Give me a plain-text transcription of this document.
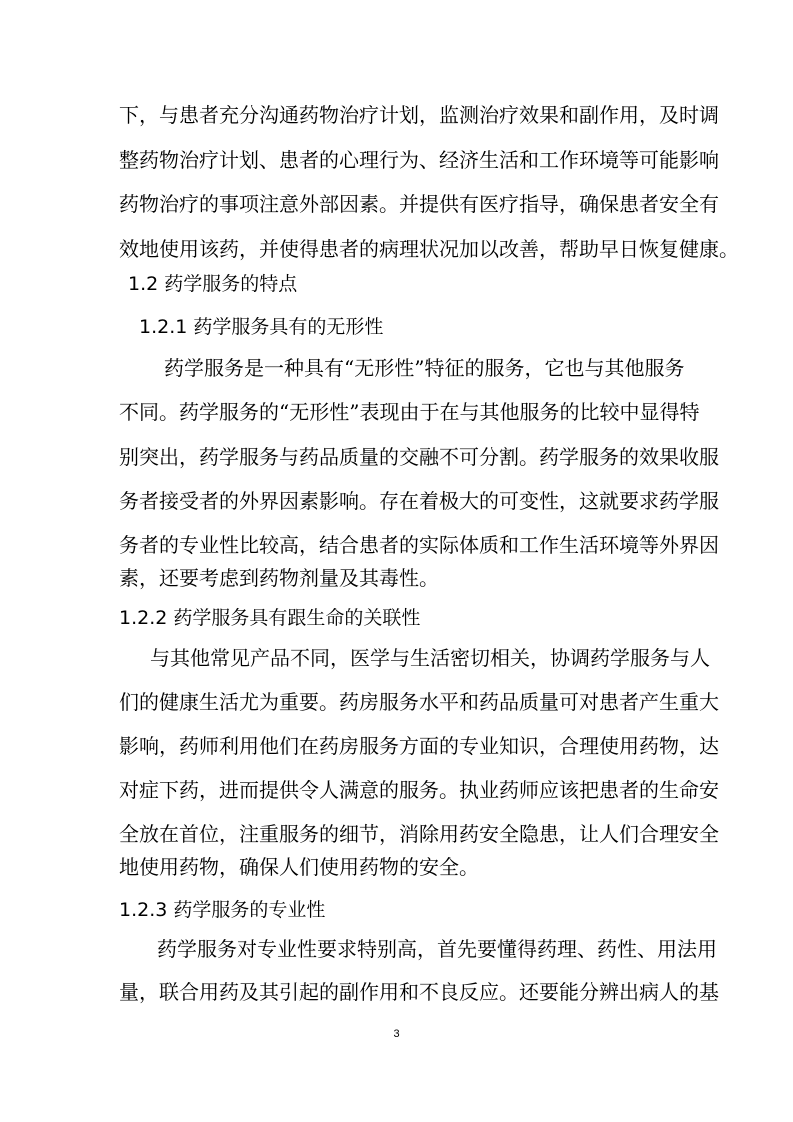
下，与患者充分沟通药物治疗计划，监测治疗效果和副作用，及时调
整药物治疗计划、患者的心理行为、经济生活和工作环境等可能影响
药物治疗的事项注意外部因素。并提供有医疗指导，确保患者安全有
效地使用该药，并使得患者的病理状况加以改善，帮助早日恢复健康。
1.2 药学服务的特点
1.2.1 药学服务具有的无形性
药学服务是一种具有“无形性”特征的服务，它也与其他服务
不同。药学服务的“无形性”表现由于在与其他服务的比较中显得特
别突出，药学服务与药品质量的交融不可分割。药学服务的效果收服
务者接受者的外界因素影响。存在着极大的可变性，这就要求药学服
务者的专业性比较高，结合患者的实际体质和工作生活环境等外界因
素，还要考虑到药物剂量及其毒性。
1.2.2 药学服务具有跟生命的关联性
与其他常见产品不同，医学与生活密切相关，协调药学服务与人
们的健康生活尤为重要。药房服务水平和药品质量可对患者产生重大
影响，药师利用他们在药房服务方面的专业知识，合理使用药物，达
对症下药，进而提供令人满意的服务。执业药师应该把患者的生命安
全放在首位，注重服务的细节，消除用药安全隐患，让人们合理安全
地使用药物，确保人们使用药物的安全。
1.2.3 药学服务的专业性
药学服务对专业性要求特别高，首先要懂得药理、药性、用法用
量，联合用药及其引起的副作用和不良反应。还要能分辨出病人的基
3
